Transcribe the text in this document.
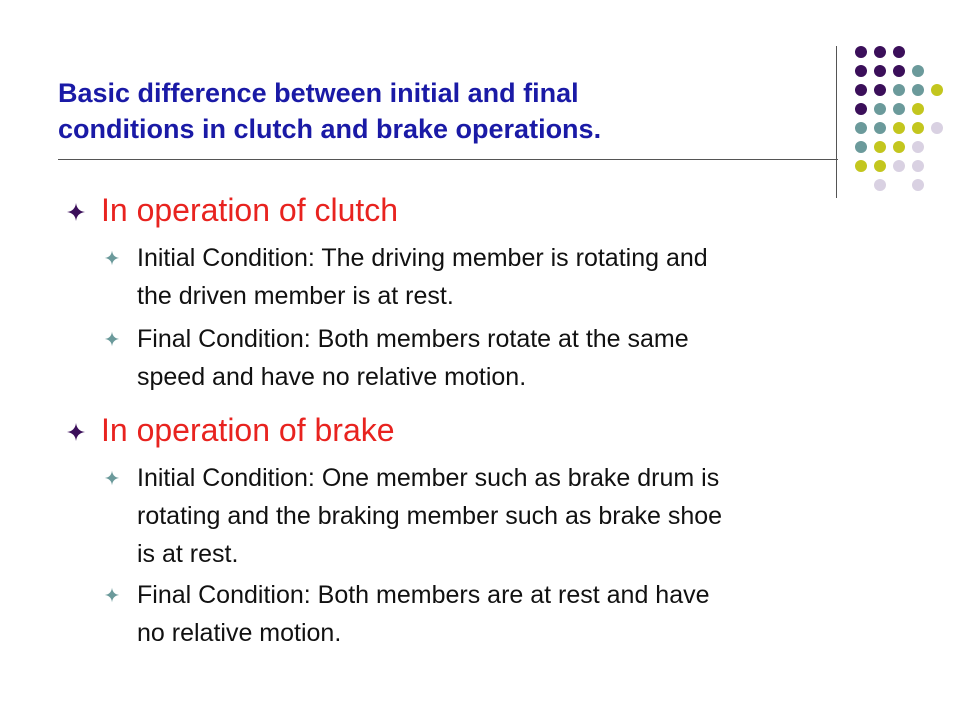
Basic difference between initial and final
conditions in clutch and brake operations.
In operation of clutch
Initial Condition: The driving member is rotating and
the driven member is at rest.
Final Condition: Both members rotate at the same
speed and have no relative motion.
In operation of brake
Initial Condition: One member such as brake drum is
rotating and the braking member such as brake shoe
is at rest.
Final Condition: Both members are at rest and have
no relative motion.
